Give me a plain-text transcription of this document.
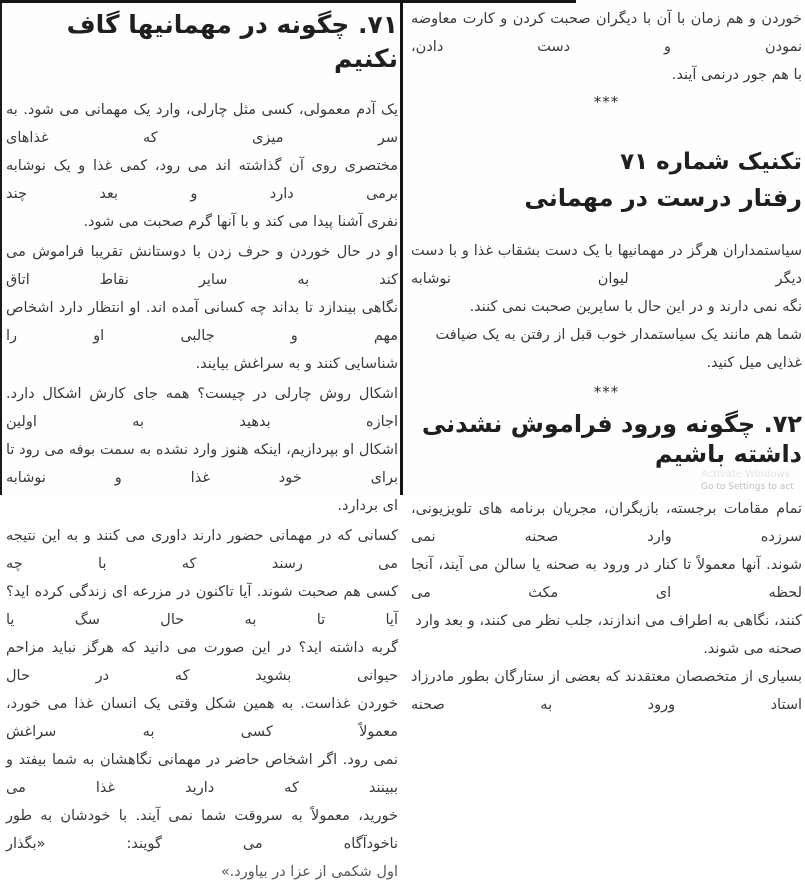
۷۱. چگونه در مهمانیها گاف نکنیم
یک آدم معمولی، کسی مثل چارلی، وارد یک مهمانی می شود. به سر میزی که غذاهای
مختصری روی آن گذاشته اند می رود، کمی غذا و یک نوشابه برمی دارد و بعد چند
نفری آشنا پیدا می کند و با آنها گرم صحبت می شود.
او در حال خوردن و حرف زدن با دوستانش تقریبا فراموش می کند به سایر نقاط اتاق
نگاهی بیندازد تا بداند چه کسانی آمده اند. او انتظار دارد اشخاص مهم و جالبی او را
شناسایی کنند و به سراغش بیایند.
اشکال روش چارلی در چیست؟ همه جای کارش اشکال دارد. اجازه بدهید به اولین
اشکال او بپردازیم، اینکه هنوز وارد نشده به سمت بوفه می رود تا برای خود غذا و نوشابه
ای بردارد.
کسانی که در مهمانی حضور دارند داوری می کنند و به این نتیجه می رسند که با چه
کسی هم صحبت شوند. آیا تاکنون در مزرعه ای زندگی کرده اید؟ آیا تا به حال سگ یا
گربه داشته اید؟ در این صورت می دانید که هرگز نباید مزاحم حیوانی بشوید که در حال
خوردن غذاست. به همین شکل وقتی یک انسان غذا می خورد، معمولاً کسی به سراغش
نمی رود. اگر اشخاص حاضر در مهمانی نگاهشان به شما بیفتد و ببینند که دارید غذا می
خورید، معمولاً به سروقت شما نمی آیند. با خودشان به طور ناخودآگاه می گویند: «بگذار
اول شکمی از عزا در بیاورد.»
خوردن و هم زمان با آن با دیگران صحبت کردن و کارت معاوضه نمودن و دست دادن،
با هم جور درنمی آیند.
***
تکنیک شماره ۷۱
رفتار درست در مهمانی
سیاستمداران هرگز در مهمانیها با یک دست بشقاب غذا و با دست دیگر لیوان نوشابه
نگه نمی دارند و در این حال با سایرین صحبت نمی کنند.
شما هم مانند یک سیاستمدار خوب قبل از رفتن به یک ضیافت غذایی میل کنید.
***
۷۲. چگونه ورود فراموش نشدنی داشته باشیم
تمام مقامات برجسته، بازیگران، مجریان برنامه های تلویزیونی، سرزده وارد صحنه نمی
شوند. آنها معمولاً تا کنار در ورود به صحنه یا سالن می آیند، آنجا لحظه ای مکث می
کنند، نگاهی به اطراف می اندازند، جلب نظر می کنند، و بعد وارد صحنه می شوند.
بسیاری از متخصصان معتقدند که بعضی از ستارگان بطور مادرزاد استاد ورود به صحنه
Activate Windows
Go to Settings to act
